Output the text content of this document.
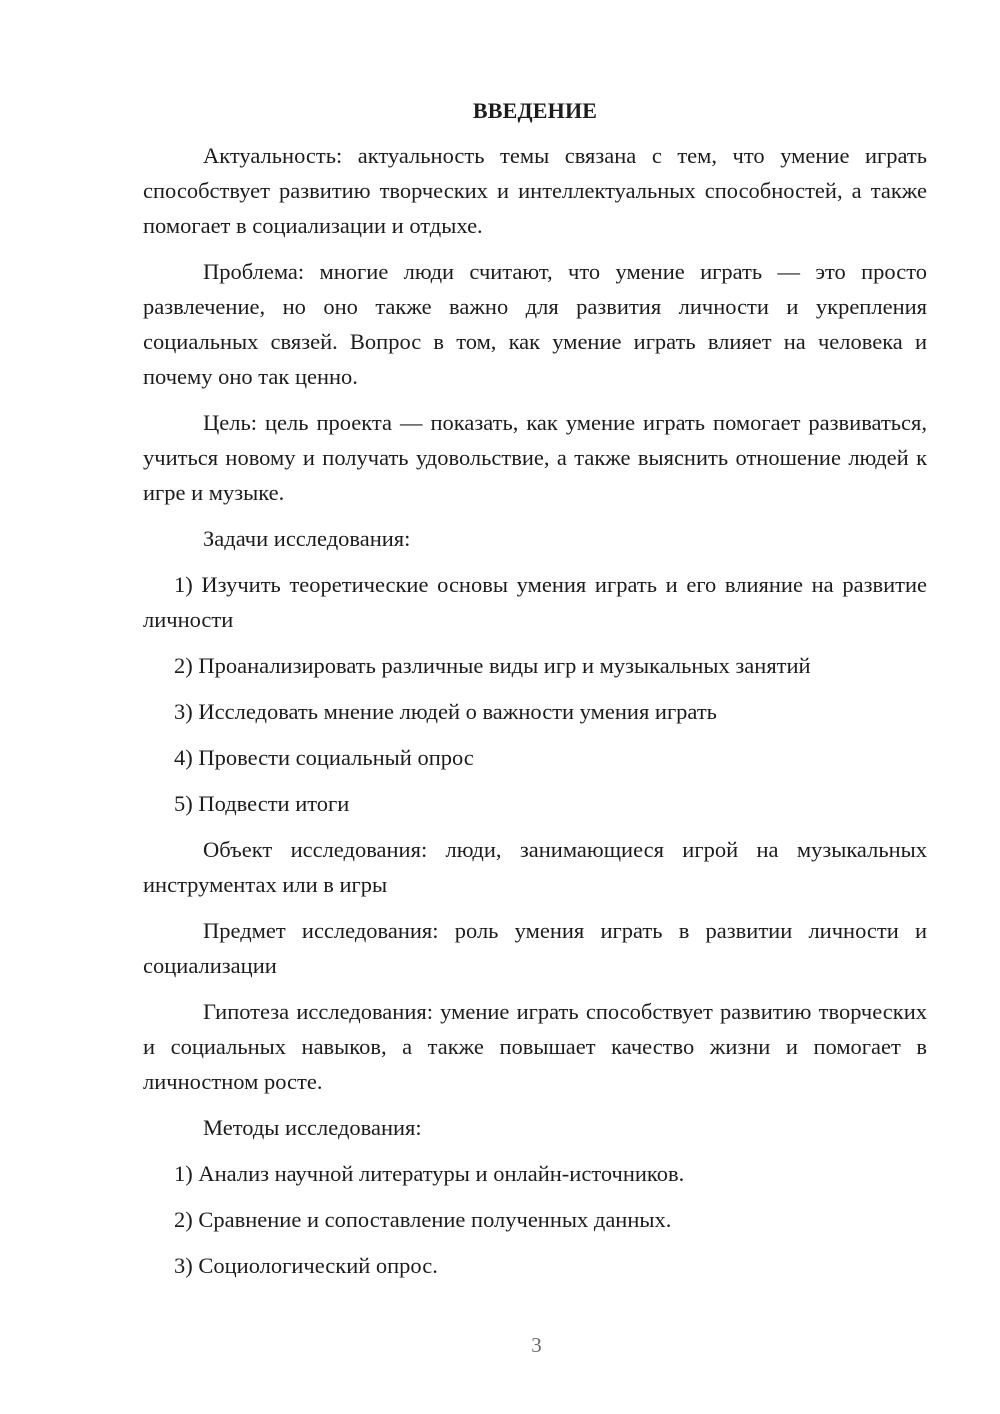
ВВЕДЕНИЕ

Актуальность: актуальность темы связана с тем, что умение играть способствует развитию творческих и интеллектуальных способностей, а также помогает в социализации и отдыхе.

Проблема: многие люди считают, что умение играть — это просто развлечение, но оно также важно для развития личности и укрепления социальных связей. Вопрос в том, как умение играть влияет на человека и почему оно так ценно.

Цель: цель проекта — показать, как умение играть помогает развиваться, учиться новому и получать удовольствие, а также выяснить отношение людей к игре и музыке.

Задачи исследования:

1) Изучить теоретические основы умения играть и его влияние на развитие личности

2) Проанализировать различные виды игр и музыкальных занятий

3) Исследовать мнение людей о важности умения играть

4) Провести социальный опрос

5) Подвести итоги

Объект исследования: люди, занимающиеся игрой на музыкальных инструментах или в игры

Предмет исследования: роль умения играть в развитии личности и социализации

Гипотеза исследования: умение играть способствует развитию творческих и социальных навыков, а также повышает качество жизни и помогает в личностном росте.

Методы исследования:

1) Анализ научной литературы и онлайн-источников.

2) Сравнение и сопоставление полученных данных.

3) Социологический опрос.

3
